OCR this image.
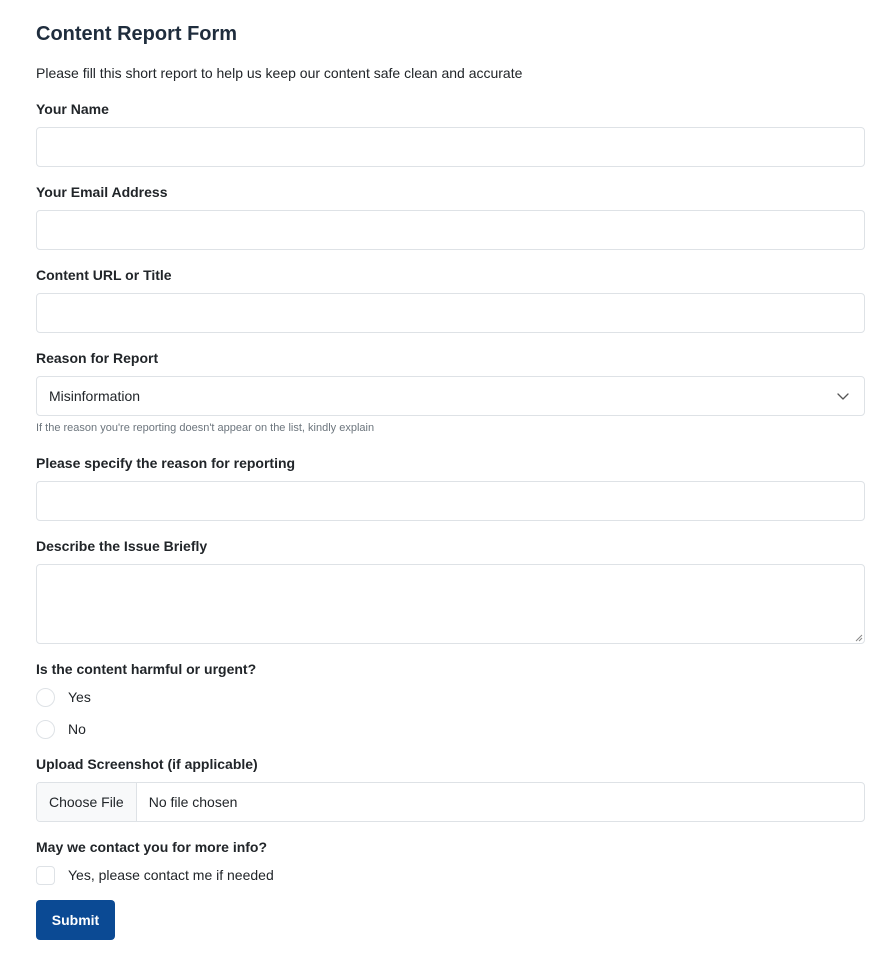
Content Report Form
Please fill this short report to help us keep our content safe clean and accurate
Your Name
Your Email Address
Content URL or Title
Reason for Report
Misinformation
If the reason you're reporting doesn't appear on the list, kindly explain
Please specify the reason for reporting
Describe the Issue Briefly
Is the content harmful or urgent?
Yes
No
Upload Screenshot (if applicable)
Choose File	No file chosen
May we contact you for more info?
Yes, please contact me if needed
Submit
